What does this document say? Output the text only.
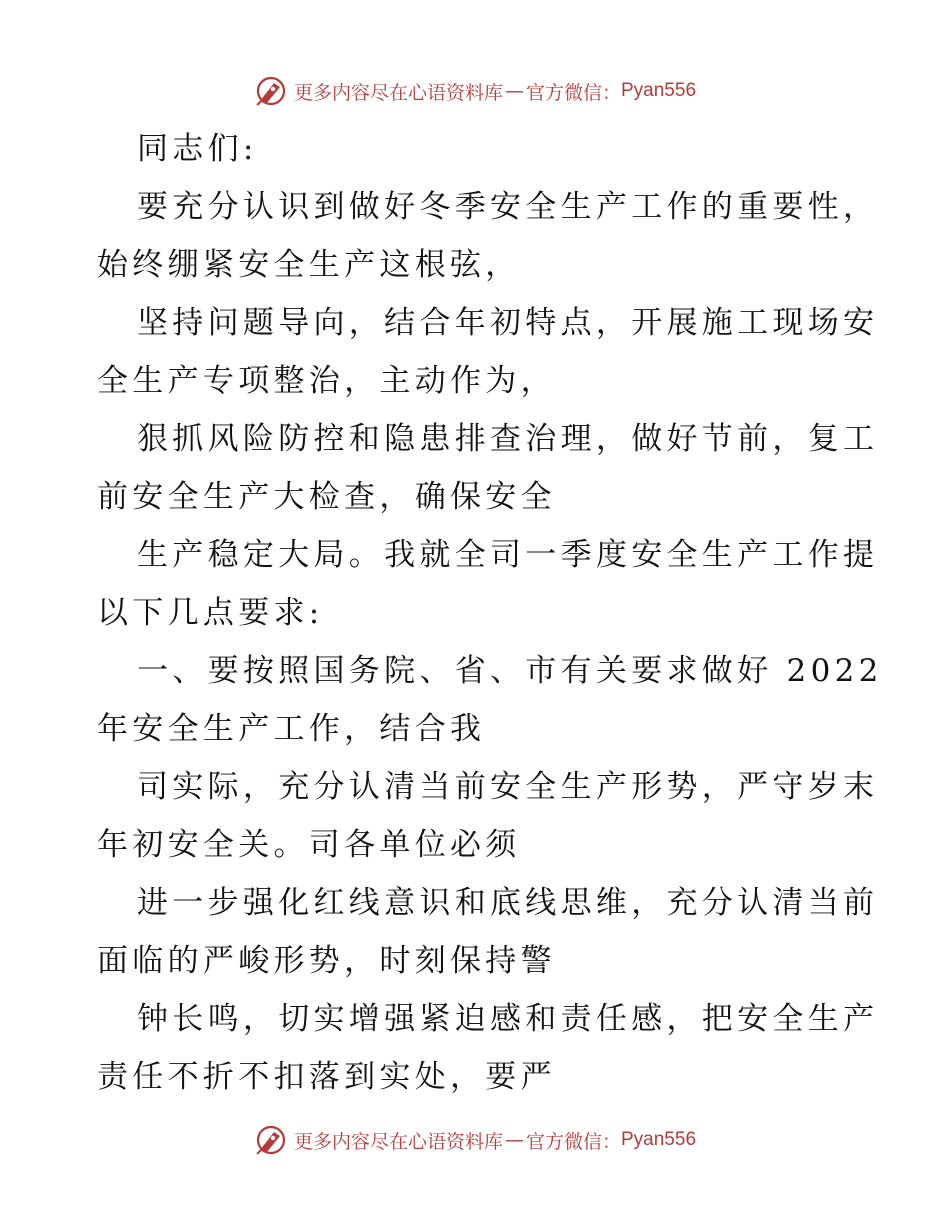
更多内容尽在心语资料库 — 官方微信： Pyan556
同志们:
要充分认识到做好冬季安全生产工作的重要性，
始终绷紧安全生产这根弦，
坚持问题导向，结合年初特点，开展施工现场安
全生产专项整治，主动作为，
狠抓风险防控和隐患排查治理，做好节前，复工
前安全生产大检查，确保安全
生产稳定大局。我就全司一季度安全生产工作提
以下几点要求:
一、要按照国务院、省、市有关要求做好 2022
年安全生产工作，结合我
司实际，充分认清当前安全生产形势，严守岁末
年初安全关。司各单位必须
进一步强化红线意识和底线思维，充分认清当前
面临的严峻形势，时刻保持警
钟长鸣，切实增强紧迫感和责任感，把安全生产
责任不折不扣落到实处，要严
更多内容尽在心语资料库 — 官方微信： Pyan556
